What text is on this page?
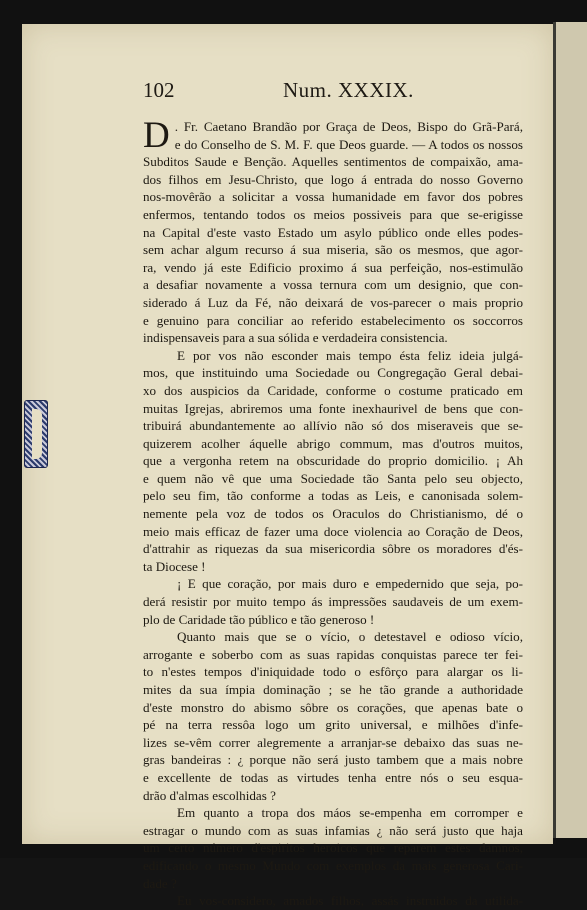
102	Num. XXXIX.
D . Fr. Caetano Brandão por Graça de Deos, Bispo do Grã-Pará,

e do Conselho de S. M. F. que Deos guarde. — A todos os nossos

Subditos Saude e Benção. Aquelles sentimentos de compaixão, ama-

dos filhos em Jesu-Christo, que logo á entrada do nosso Governo

nos-movêrão a solicitar a vossa humanidade em favor dos pobres

enfermos, tentando todos os meios possiveis para que se-erigisse

na Capital d'este vasto Estado um asylo público onde elles podes-

sem achar algum recurso á sua miseria, são os mesmos, que agor-

ra, vendo já este Edificio proximo á sua perfeição, nos-estimulão

a desafiar novamente a vossa ternura com um designio, que con-

siderado á Luz da Fé, não deixará de vos-parecer o mais proprio

e genuino para conciliar ao referido estabelecimento os soccorros

indispensaveis para a sua sólida e verdadeira consistencia.

E por vos não esconder mais tempo ésta feliz ideia julgá-

mos, que instituindo uma Sociedade ou Congregação Geral debai-

xo dos auspicios da Caridade, conforme o costume praticado em

muitas Igrejas, abriremos uma fonte inexhaurivel de bens que con-

tribuirá abundantemente ao allívio não só dos miseraveis que se-

quizerem acolher áquelle abrigo commum, mas d'outros muitos,

que a vergonha retem na obscuridade do proprio domicilio. ¡ Ah

e quem não vê que uma Sociedade tão Santa pelo seu objecto,

pelo seu fim, tão conforme a todas as Leis, e canonisada solem-

nemente pela voz de todos os Oraculos do Christianismo, dé o

meio mais efficaz de fazer uma doce violencia ao Coração de Deos,

d'attrahir as riquezas da sua misericordia sôbre os moradores d'és-

ta Diocese !

¡ E que coração, por mais duro e empedernido que seja, po-

derá resistir por muito tempo ás impressões saudaveis de um exem-

plo de Caridade tão público e tão generoso !

Quanto mais que se o vício, o detestavel e odioso vício,

arrogante e soberbo com as suas rapidas conquistas parece ter fei-

to n'estes tempos d'iniquidade todo o esfôrço para alargar os li-

mites da sua ímpia dominação ; se he tão grande a authoridade

d'este monstro do abismo sôbre os corações, que apenas bate o

pé na terra ressôa logo um grito universal, e milhões d'infe-

lizes se-vêm correr alegremente a arranjar-se debaixo das suas ne-

gras bandeiras : ¿ porque não será justo tambem que a mais nobre

e excellente de todas as virtudes tenha entre nós o seu esqua-

drão d'almas escolhidas ?

Em quanto a tropa dos máos se-empenha em corromper e

estragar o mundo com as suas infamias ¿ não será justo que haja

um certo número d'espiritos heroicos que reparem estes damnos,

edificando o mesmo Mundo com exemplos da mais generosa Cari-

dade ?

Eu vos-considero, amados filhos, assás instruidos da utilida-
